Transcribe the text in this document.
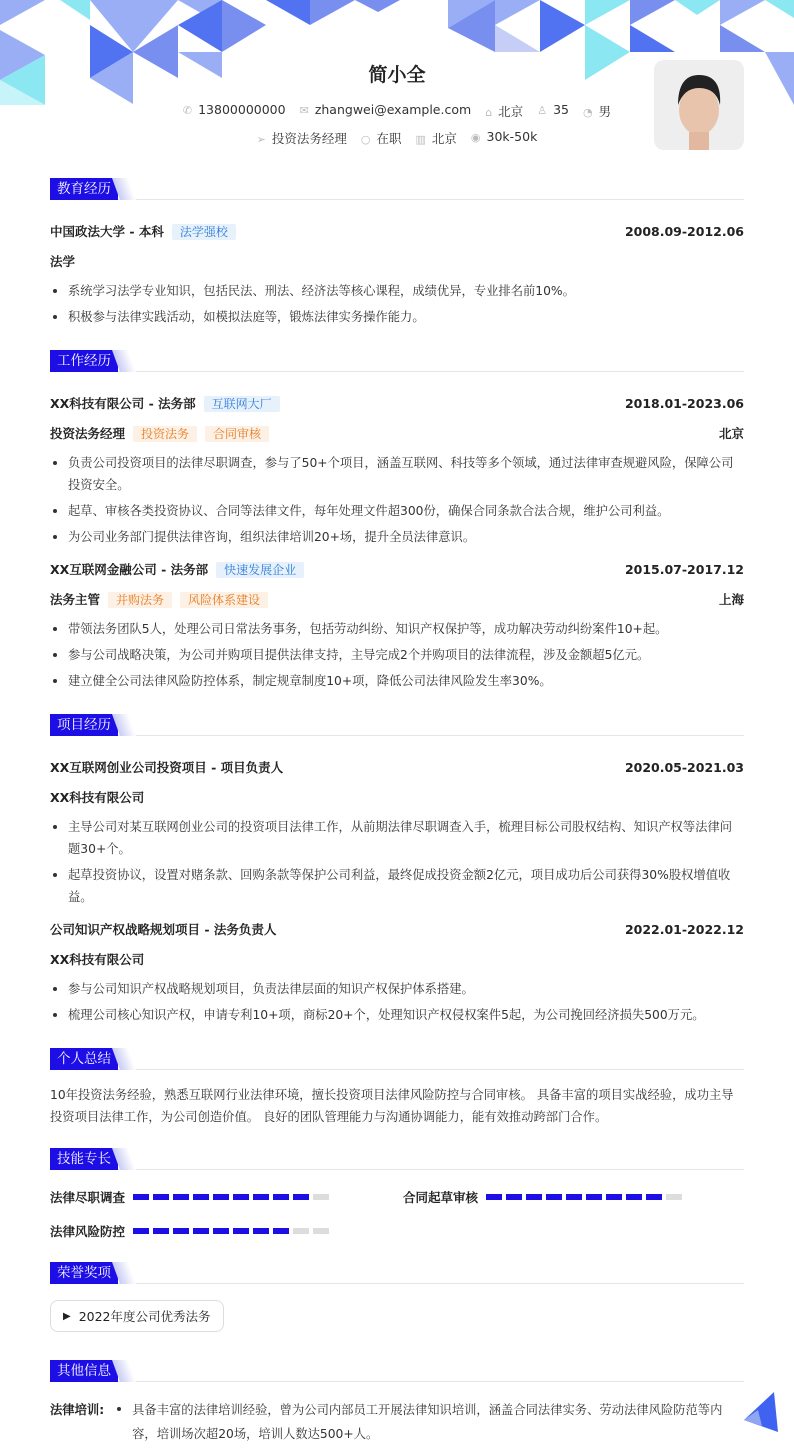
简小全
✆ 13800000000 ✉ zhangwei@example.com ⌂ 北京 ♙ 35 ◔ 男
➢ 投资法务经理 ○ 在职 ▥ 北京 ◉ 30k-50k
教育经历
中国政法大学 - 本科 法学强校	2008.09-2012.06
法学
系统学习法学专业知识，包括民法、刑法、经济法等核心课程，成绩优异，专业排名前10%。
积极参与法律实践活动，如模拟法庭等，锻炼法律实务操作能力。
工作经历
XX科技有限公司 - 法务部 互联网大厂	2018.01-2023.06
投资法务经理 投资法务 合同审核	北京
负责公司投资项目的法律尽职调查，参与了50+个项目，涵盖互联网、科技等多个领域，通过法律审查规避风险，保障公司投资安全。
起草、审核各类投资协议、合同等法律文件，每年处理文件超300份，确保合同条款合法合规，维护公司利益。
为公司业务部门提供法律咨询，组织法律培训20+场，提升全员法律意识。
XX互联网金融公司 - 法务部 快速发展企业	2015.07-2017.12
法务主管 并购法务 风险体系建设	上海
带领法务团队5人，处理公司日常法务事务，包括劳动纠纷、知识产权保护等，成功解决劳动纠纷案件10+起。
参与公司战略决策，为公司并购项目提供法律支持，主导完成2个并购项目的法律流程，涉及金额超5亿元。
建立健全公司法律风险防控体系，制定规章制度10+项，降低公司法律风险发生率30%。
项目经历
XX互联网创业公司投资项目 - 项目负责人	2020.05-2021.03
XX科技有限公司
主导公司对某互联网创业公司的投资项目法律工作，从前期法律尽职调查入手，梳理目标公司股权结构、知识产权等法律问题30+个。
起草投资协议，设置对赌条款、回购条款等保护公司利益，最终促成投资金额2亿元，项目成功后公司获得30%股权增值收益。
公司知识产权战略规划项目 - 法务负责人	2022.01-2022.12
XX科技有限公司
参与公司知识产权战略规划项目，负责法律层面的知识产权保护体系搭建。
梳理公司核心知识产权，申请专利10+项，商标20+个，处理知识产权侵权案件5起，为公司挽回经济损失500万元。
个人总结
10年投资法务经验，熟悉互联网行业法律环境，擅长投资项目法律风险防控与合同审核。 具备丰富的项目实战经验，成功主导投资项目法律工作，为公司创造价值。 良好的团队管理能力与沟通协调能力，能有效推动跨部门合作。
技能专长
法律尽职调查	合同起草审核
法律风险防控
荣誉奖项
▶ 2022年度公司优秀法务
其他信息
法律培训:	具备丰富的法律培训经验，曾为公司内部员工开展法律知识培训，涵盖合同法律实务、劳动法律风险防范等内容，培训场次超20场，培训人数达500+人。
